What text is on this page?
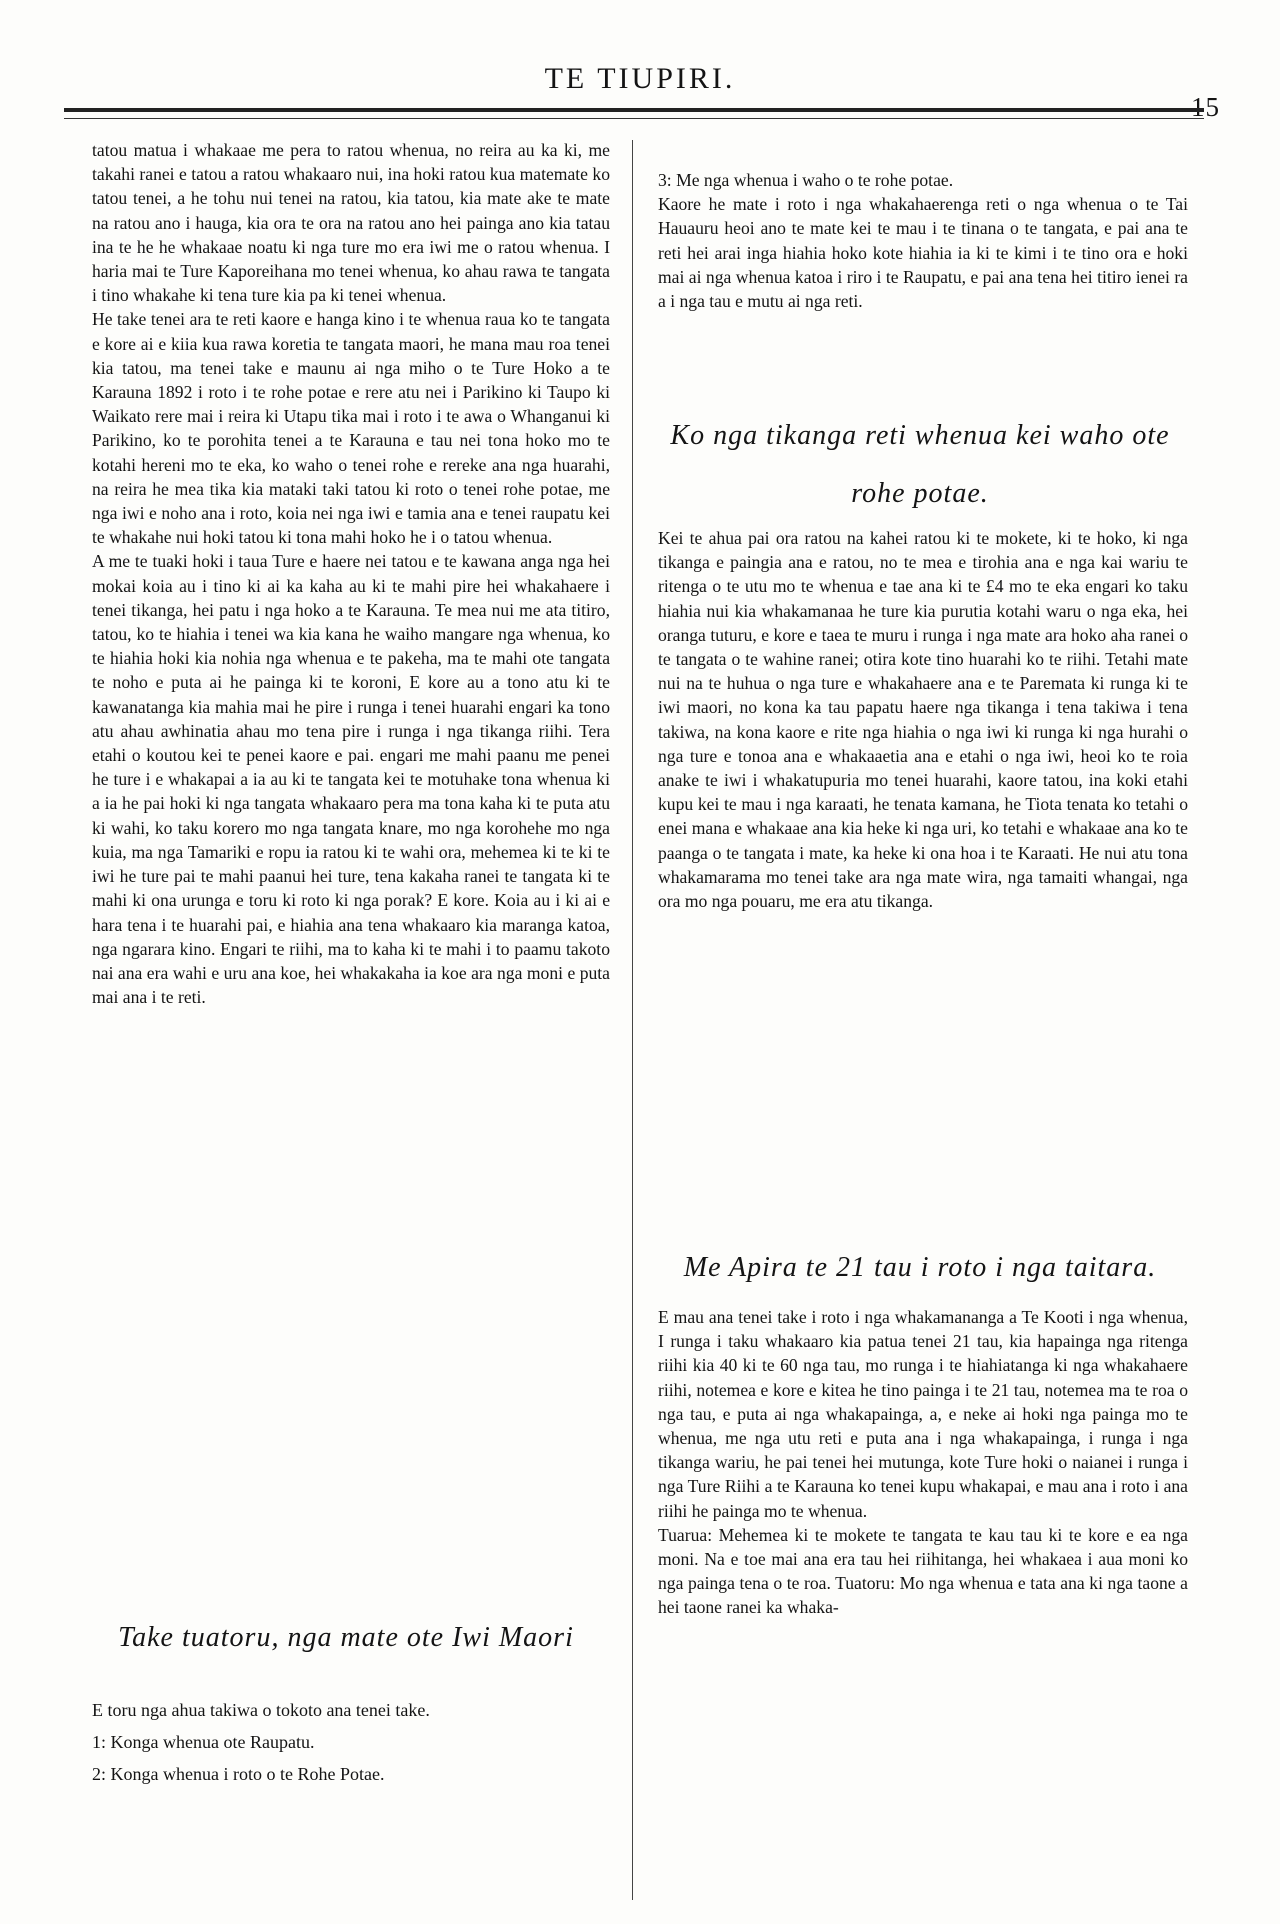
TE TIUPIRI.
15

tatou matua i whakaae me pera to ratou whenua, no reira au ka ki, me takahi ranei e tatou a ratou whakaaro nui, ina hoki ratou kua matemate ko tatou tenei, a he tohu nui tenei na ratou, kia tatou, kia mate ake te mate na ratou ano i hauga, kia ora te ora na ratou ano hei painga ano kia tatau ina te he he whakaae noatu ki nga ture mo era iwi me o ratou whenua. I haria mai te Ture Kaporeihana mo tenei whenua, ko ahau rawa te tangata i tino whakahe ki tena ture kia pa ki tenei whenua.

He take tenei ara te reti kaore e hanga kino i te whenua raua ko te tangata e kore ai e kiia kua rawa koretia te tangata maori, he mana mau roa tenei kia tatou, ma tenei take e maunu ai nga miho o te Ture Hoko a te Karauna 1892 i roto i te rohe potae e rere atu nei i Parikino ki Taupo ki Waikato rere mai i reira ki Utapu tika mai i roto i te awa o Whanganui ki Parikino, ko te porohita tenei a te Karauna e tau nei tona hoko mo te kotahi hereni mo te eka, ko waho o tenei rohe e rereke ana nga huarahi, na reira he mea tika kia mataki taki tatou ki roto o tenei rohe potae, me nga iwi e noho ana i roto, koia nei nga iwi e tamia ana e tenei raupatu kei te whakahe nui hoki tatou ki tona mahi hoko he i o tatou whenua.

A me te tuaki hoki i taua Ture e haere nei tatou e te kawana anga nga hei mokai koia au i tino ki ai ka kaha au ki te mahi pire hei whakahaere i tenei tikanga, hei patu i nga hoko a te Karauna. Te mea nui me ata titiro, tatou, ko te hiahia i tenei wa kia kana he waiho mangare nga whenua, ko te hiahia hoki kia nohia nga whenua e te pakeha, ma te mahi ote tangata te noho e puta ai he painga ki te koroni, E kore au a tono atu ki te kawanatanga kia mahia mai he pire i runga i tenei huarahi engari ka tono atu ahau awhinatia ahau mo tena pire i runga i nga tikanga riihi. Tera etahi o koutou kei te penei kaore e pai. engari me mahi paanu me penei he ture i e whakapai a ia au ki te tangata kei te motuhake tona whenua ki a ia he pai hoki ki nga tangata whakaaro pera ma tona kaha ki te puta atu ki wahi, ko taku korero mo nga tangata knare, mo nga korohehe mo nga kuia, ma nga Tamariki e ropu ia ratou ki te wahi ora, mehemea ki te ki te iwi he ture pai te mahi paanui hei ture, tena kakaha ranei te tangata ki te mahi ki ona urunga e toru ki roto ki nga porak? E kore. Koia au i ki ai e hara tena i te huarahi pai, e hiahia ana tena whakaaro kia maranga katoa, nga ngarara kino. Engari te riihi, ma to kaha ki te mahi i to paamu takoto nai ana era wahi e uru ana koe, hei whakakaha ia koe ara nga moni e puta mai ana i te reti.

Take tuatoru, nga mate ote Iwi Maori
E toru nga ahua takiwa o tokoto ana tenei take.
1: Konga whenua ote Raupatu.
2: Konga whenua i roto o te Rohe Potae.

3: Me nga whenua i waho o te rohe potae.

Kaore he mate i roto i nga whakahaerenga reti o nga whenua o te Tai Hauauru heoi ano te mate kei te mau i te tinana o te tangata, e pai ana te reti hei arai inga hiahia hoko kote hiahia ia ki te kimi i te tino ora e hoki mai ai nga whenua katoa i riro i te Raupatu, e pai ana tena hei titiro ienei ra a i nga tau e mutu ai nga reti.

Ko nga tikanga reti whenua kei waho ote
rohe potae.

Kei te ahua pai ora ratou na kahei ratou ki te mokete, ki te hoko, ki nga tikanga e paingia ana e ratou, no te mea e tirohia ana e nga kai wariu te ritenga o te utu mo te whenua e tae ana ki te £4 mo te eka engari ko taku hiahia nui kia whakamanaa he ture kia purutia kotahi waru o nga eka, hei oranga tuturu, e kore e taea te muru i runga i nga mate ara hoko aha ranei o te tangata o te wahine ranei; otira kote tino huarahi ko te riihi. Tetahi mate nui na te huhua o nga ture e whakahaere ana e te Paremata ki runga ki te iwi maori, no kona ka tau papatu haere nga tikanga i tena takiwa i tena takiwa, na kona kaore e rite nga hiahia o nga iwi ki runga ki nga hurahi o nga ture e tonoa ana e whakaaetia ana e etahi o nga iwi, heoi ko te roia anake te iwi i whakatupuria mo tenei huarahi, kaore tatou, ina koki etahi kupu kei te mau i nga karaati, he tenata kamana, he Tiota tenata ko tetahi o enei mana e whakaae ana kia heke ki nga uri, ko tetahi e whakaae ana ko te paanga o te tangata i mate, ka heke ki ona hoa i te Karaati. He nui atu tona whakamarama mo tenei take ara nga mate wira, nga tamaiti whangai, nga ora mo nga pouaru, me era atu tikanga.

Me Apira te 21 tau i roto i nga taitara.

E mau ana tenei take i roto i nga whakamananga a Te Kooti i nga whenua, I runga i taku whakaaro kia patua tenei 21 tau, kia hapainga nga ritenga riihi kia 40 ki te 60 nga tau, mo runga i te hiahiatanga ki nga whakahaere riihi, notemea e kore e kitea he tino painga i te 21 tau, notemea ma te roa o nga tau, e puta ai nga whakapainga, a, e neke ai hoki nga painga mo te whenua, me nga utu reti e puta ana i nga whakapainga, i runga i nga tikanga wariu, he pai tenei hei mutunga, kote Ture hoki o naianei i runga i nga Ture Riihi a te Karauna ko tenei kupu whakapai, e mau ana i roto i ana riihi he painga mo te whenua.

Tuarua: Mehemea ki te mokete te tangata te kau tau ki te kore e ea nga moni. Na e toe mai ana era tau hei riihitanga, hei whakaea i aua moni ko nga painga tena o te roa. Tuatoru: Mo nga whenua e tata ana ki nga taone a hei taone ranei ka whaka-
